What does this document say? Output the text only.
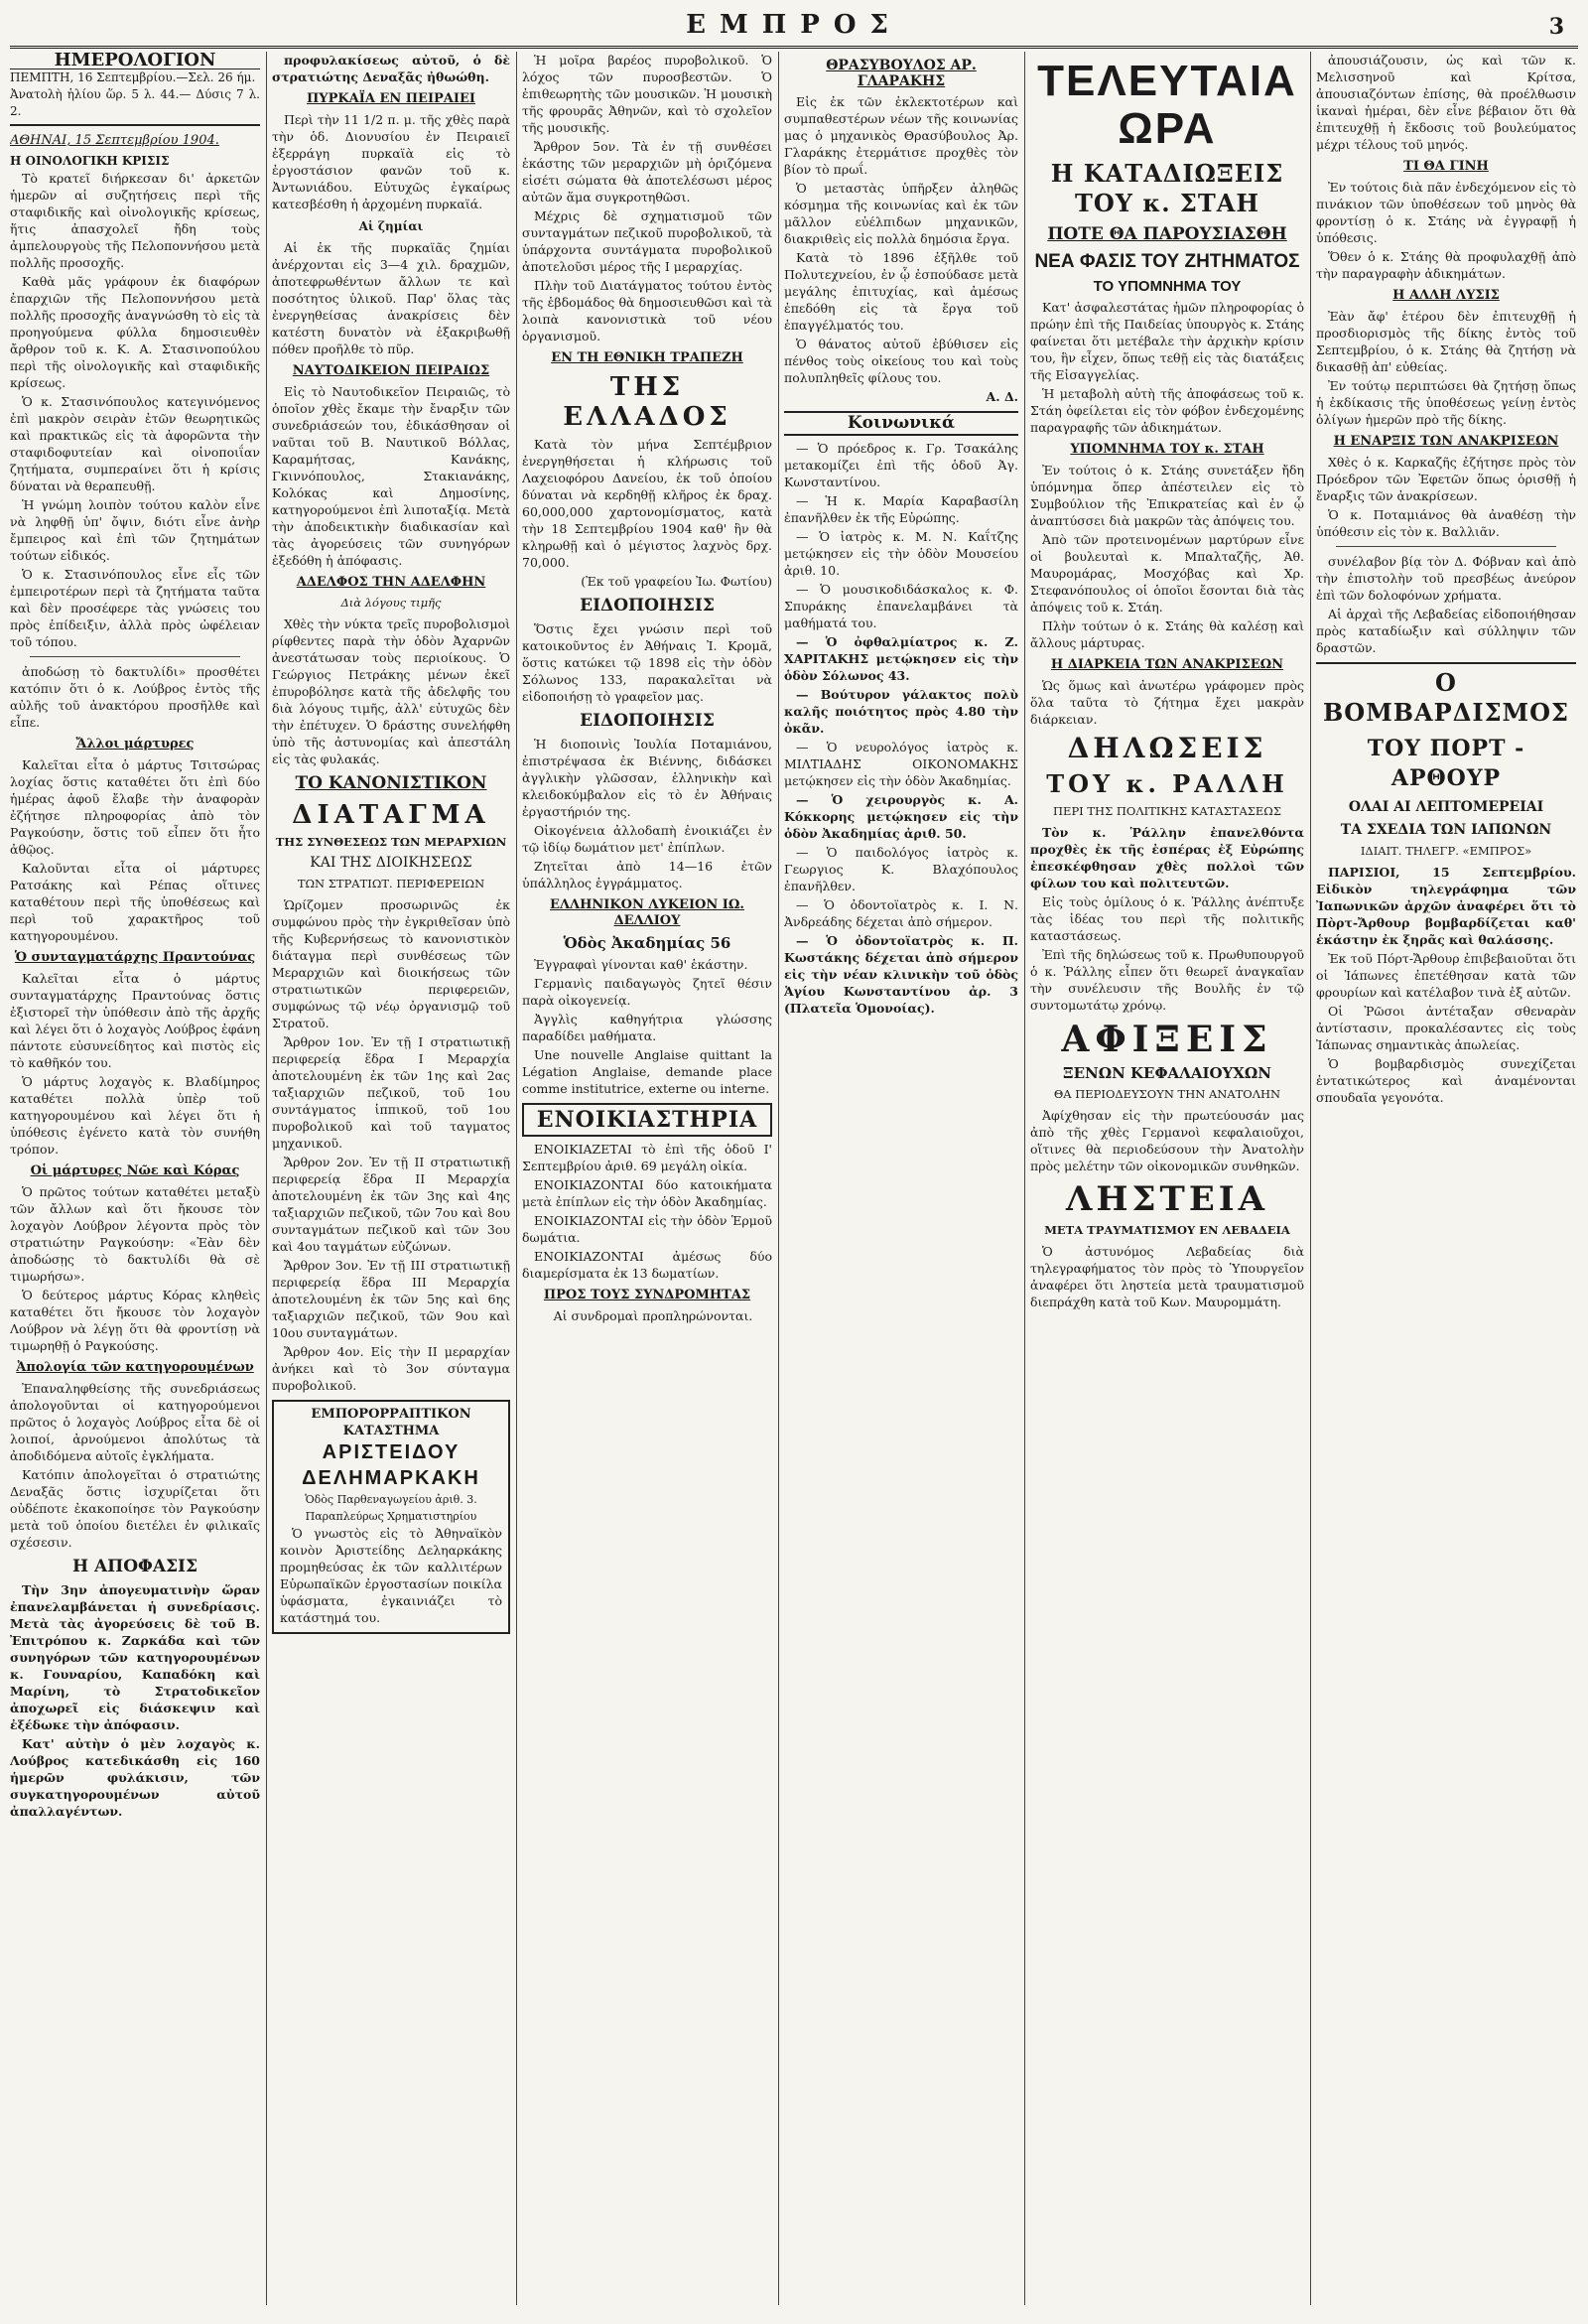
ΕΜΠΡΟΣ	3
ΗΜΕΡΟΛΟΓΙΟΝ
ΠΕΜΠΤΗ, 16 Σεπτεμβρίου.—Σελ. 26 ήμ.
Ἀνατολὴ ἡλίου ὥρ. 5 λ. 44.— Δύσις 7 λ. 2.
ΑΘΗΝΑΙ, 15 Σεπτεμβρίου 1904.
Η ΟΙΝΟΛΟΓΙΚΗ ΚΡΙΣΙΣ

Τὸ κρατεῖ διήρκεσαν δι' ἀρκετῶν ἡμερῶν αἱ συζητήσεις περὶ τῆς σταφιδικῆς καὶ οἰνολογικῆς κρίσεως, ἥτις ἀπασχολεῖ ἤδη τοὺς ἀμπελουργοὺς τῆς Πελοποννήσου μετὰ πολλῆς προσοχῆς.

Καθὰ μᾶς γράφουν ἐκ διαφόρων ἐπαρχιῶν τῆς Πελοποννήσου μετὰ πολλῆς προσοχῆς ἀναγνώσθη τὸ εἰς τὰ προηγούμενα φύλλα δημοσιευθὲν ἄρθρον τοῦ κ. Κ. Α. Στασινοπούλου περὶ τῆς οἰνολογικῆς καὶ σταφιδικῆς κρίσεως.

Ὁ κ. Στασινόπουλος κατεγινόμενος ἐπὶ μακρὸν σειρὰν ἐτῶν θεωρητικῶς καὶ πρακτικῶς εἰς τὰ ἀφορῶντα τὴν σταφιδοφυτείαν καὶ οἰνοποιΐαν ζητήματα, συμπεραίνει ὅτι ἡ κρίσις δύναται νὰ θεραπευθῇ.

Ἡ γνώμη λοιπὸν τούτου καλὸν εἶνε νὰ ληφθῇ ὑπ' ὄψιν, διότι εἶνε ἀνὴρ ἔμπειρος καὶ ἐπὶ τῶν ζητημάτων τούτων εἰδικός.

Ὁ κ. Στασινόπουλος εἶνε εἷς τῶν ἐμπειροτέρων περὶ τὰ ζητήματα ταῦτα καὶ δὲν προσέφερε τὰς γνώσεις του πρὸς ἐπίδειξιν, ἀλλὰ πρὸς ὠφέλειαν τοῦ τόπου.

ἀποδώσῃ τὸ δακτυλίδι» προσθέτει κατόπιν ὅτι ὁ κ. Λούβρος ἐντὸς τῆς αὐλῆς τοῦ ἀνακτόρου προσῆλθε καὶ εἶπε.

Ἄλλοι μάρτυρες

Καλεῖται εἶτα ὁ μάρτυς Τσιτσώρας λοχίας ὅστις καταθέτει ὅτι ἐπὶ δύο ἡμέρας ἀφοῦ ἔλαβε τὴν ἀναφορὰν ἐζήτησε πληροφορίας ἀπὸ τὸν Ραγκούσην, ὅστις τοῦ εἶπεν ὅτι ἦτο ἀθῷος.

Καλοῦνται εἶτα οἱ μάρτυρες Ρατσάκης καὶ Ρέπας οἵτινες καταθέτουν περὶ τῆς ὑποθέσεως καὶ περὶ τοῦ χαρακτῆρος τοῦ κατηγορουμένου.

Ὁ συνταγματάρχης Πραντούνας

Καλεῖται εἶτα ὁ μάρτυς συνταγματάρχης Πραντούνας ὅστις ἐξιστορεῖ τὴν ὑπόθεσιν ἀπὸ τῆς ἀρχῆς καὶ λέγει ὅτι ὁ λοχαγὸς Λούβρος ἐφάνη πάντοτε εὐσυνείδητος καὶ πιστὸς εἰς τὸ καθῆκόν του.

Ὁ μάρτυς λοχαγὸς κ. Βλαδίμηρος καταθέτει πολλὰ ὑπὲρ τοῦ κατηγορουμένου καὶ λέγει ὅτι ἡ ὑπόθεσις ἐγένετο κατὰ τὸν συνήθη τρόπον.

Οἱ μάρτυρες Νῶε καὶ Κόρας

Ὁ πρῶτος τούτων καταθέτει μεταξὺ τῶν ἄλλων καὶ ὅτι ἤκουσε τὸν λοχαγὸν Λούβρον λέγοντα πρὸς τὸν στρατιώτην Ραγκούσην: «Ἐὰν δὲν ἀποδώσῃς τὸ δακτυλίδι θὰ σὲ τιμωρήσω».

Ὁ δεύτερος μάρτυς Κόρας κληθεὶς καταθέτει ὅτι ἤκουσε τὸν λοχαγὸν Λούβρον νὰ λέγῃ ὅτι θὰ φροντίσῃ νὰ τιμωρηθῇ ὁ Ραγκούσης.

Ἀπολογία τῶν κατηγορουμένων

Ἐπαναληφθείσης τῆς συνεδριάσεως ἀπολογοῦνται οἱ κατηγορούμενοι πρῶτος ὁ λοχαγὸς Λούβρος εἶτα δὲ οἱ λοιποί, ἀρνούμενοι ἀπολύτως τὰ ἀποδιδόμενα αὐτοῖς ἐγκλήματα.

Κατόπιν ἀπολογεῖται ὁ στρατιώτης Δεναξᾶς ὅστις ἰσχυρίζεται ὅτι οὐδέποτε ἐκακοποίησε τὸν Ραγκούσην μετὰ τοῦ ὁποίου διετέλει ἐν φιλικαῖς σχέσεσιν.

Η ΑΠΟΦΑΣΙΣ

Τὴν 3ην ἀπογευματινὴν ὥραν ἐπανελαμβάνεται ἡ συνεδρίασις. Μετὰ τὰς ἀγορεύσεις δὲ τοῦ Β. Ἐπιτρόπου κ. Ζαρκάδα καὶ τῶν συνηγόρων τῶν κατηγορουμένων κ. Γουναρίου, Καπαδόκη καὶ Μαρίνη, τὸ Στρατοδικεῖον ἀποχωρεῖ εἰς διάσκεψιν καὶ ἐξέδωκε τὴν ἀπόφασιν.

Κατ' αὐτὴν ὁ μὲν λοχαγὸς κ. Λούβρος κατεδικάσθη εἰς 160 ἡμερῶν φυλάκισιν, τῶν συγκατηγορουμένων αὐτοῦ ἀπαλλαγέντων.

προφυλακίσεως αὐτοῦ, ὁ δὲ στρατιώτης Δεναξᾶς ἠθωώθη.

ΠΥΡΚΑΪΑ ΕΝ ΠΕΙΡΑΙΕΙ

Περὶ τὴν 11 1/2 π. μ. τῆς χθὲς παρὰ τὴν ὁδ. Διονυσίου ἐν Πειραιεῖ ἐξερράγη πυρκαϊὰ εἰς τὸ ἐργοστάσιον φανῶν τοῦ κ. Ἀντωνιάδου. Εὐτυχῶς ἐγκαίρως κατεσβέσθη ἡ ἀρχομένη πυρκαϊά.

Αἱ ζημίαι

Αἱ ἐκ τῆς πυρκαϊᾶς ζημίαι ἀνέρχονται εἰς 3—4 χιλ. δραχμῶν, ἀποτεφρωθέντων ἄλλων τε καὶ ποσότητος ὑλικοῦ. Παρ' ὅλας τὰς ἐνεργηθείσας ἀνακρίσεις δὲν κατέστη δυνατὸν νὰ ἐξακριβωθῇ πόθεν προῆλθε τὸ πῦρ.

ΝΑΥΤΟΔΙΚΕΙΟΝ ΠΕΙΡΑΙΩΣ

Εἰς τὸ Ναυτοδικεῖον Πειραιῶς, τὸ ὁποῖον χθὲς ἔκαμε τὴν ἔναρξιν τῶν συνεδριάσεών του, ἐδικάσθησαν οἱ ναῦται τοῦ Β. Ναυτικοῦ Βόλλας, Καραμήτσας, Κανάκης, Γκιννόπουλος, Στακιανάκης, Κολόκας καὶ Δημοσίνης, κατηγορούμενοι ἐπὶ λιποταξίᾳ. Μετὰ τὴν ἀποδεικτικὴν διαδικασίαν καὶ τὰς ἀγορεύσεις τῶν συνηγόρων ἐξεδόθη ἡ ἀπόφασις.

ΑΔΕΛΦΟΣ ΤΗΝ ΑΔΕΛΦΗΝ
Διὰ λόγους τιμῆς

Χθὲς τὴν νύκτα τρεῖς πυροβολισμοὶ ρίφθεντες παρὰ τὴν ὁδὸν Ἀχαρνῶν ἀνεστάτωσαν τοὺς περιοίκους. Ὁ Γεώργιος Πετράκης μένων ἐκεῖ ἐπυροβόλησε κατὰ τῆς ἀδελφῆς του διὰ λόγους τιμῆς, ἀλλ' εὐτυχῶς δὲν τὴν ἐπέτυχεν. Ὁ δράστης συνελήφθη ὑπὸ τῆς ἀστυνομίας καὶ ἀπεστάλη εἰς τὰς φυλακάς.

ΤΟ ΚΑΝΟΝΙΣΤΙΚΟΝ
ΔΙΑΤΑΓΜΑ
ΤΗΣ ΣΥΝΘΕΣΕΩΣ ΤΩΝ ΜΕΡΑΡΧΙΩΝ
ΚΑΙ ΤΗΣ ΔΙΟΙΚΗΣΕΩΣ
ΤΩΝ ΣΤΡΑΤΙΩΤ. ΠΕΡΙΦΕΡΕΙΩΝ

Ὡρίζομεν προσωρινῶς ἐκ συμφώνου πρὸς τὴν ἐγκριθεῖσαν ὑπὸ τῆς Κυβερνήσεως τὸ κανονιστικὸν διάταγμα περὶ συνθέσεως τῶν Μεραρχιῶν καὶ διοικήσεως τῶν στρατιωτικῶν περιφερειῶν, συμφώνως τῷ νέῳ ὀργανισμῷ τοῦ Στρατοῦ.

Ἄρθρον 1ον. Ἐν τῇ Ι στρατιωτικῇ περιφερείᾳ ἕδρα Ι Μεραρχία ἀποτελουμένη ἐκ τῶν 1ης καὶ 2ας ταξιαρχιῶν πεζικοῦ, τοῦ 1ου συντάγματος ἱππικοῦ, τοῦ 1ου πυροβολικοῦ καὶ τοῦ ταγματος μηχανικοῦ.

Ἄρθρον 2ον. Ἐν τῇ ΙΙ στρατιωτικῇ περιφερείᾳ ἕδρα ΙΙ Μεραρχία ἀποτελουμένη ἐκ τῶν 3ης καὶ 4ης ταξιαρχιῶν πεζικοῦ, τῶν 7ου καὶ 8ου συνταγμάτων πεζικοῦ καὶ τῶν 3ου καὶ 4ου ταγμάτων εὐζώνων.

Ἄρθρον 3ον. Ἐν τῇ ΙΙΙ στρατιωτικῇ περιφερείᾳ ἕδρα ΙΙΙ Μεραρχία ἀποτελουμένη ἐκ τῶν 5ης καὶ 6ης ταξιαρχιῶν πεζικοῦ, τῶν 9ου καὶ 10ου συνταγμάτων.

Ἄρθρον 4ον. Εἰς τὴν ΙΙ μεραρχίαν ἀνήκει καὶ τὸ 3ον σύνταγμα πυροβολικοῦ.

ΕΜΠΟΡΟΡΡΑΠΤΙΚΟΝ ΚΑΤΑΣΤΗΜΑ
ΑΡΙΣΤΕΙΔΟΥ ΔΕΛΗΜΑΡΚΑΚΗ
Ὁδὸς Παρθεναγωγείου ἀριθ. 3. Παραπλεύρως Χρηματιστηρίου

Ὁ γνωστὸς εἰς τὸ Ἀθηναϊκὸν κοινὸν Ἀριστείδης Δεληαρκάκης προμηθεύσας ἐκ τῶν καλλιτέρων Εὐρωπαϊκῶν ἐργοστασίων ποικίλα ὑφάσματα, ἐγκαινιάζει τὸ κατάστημά του.

Ἡ μοῖρα βαρέος πυροβολικοῦ. Ὁ λόχος τῶν πυροσβεστῶν. Ὁ ἐπιθεωρητὴς τῶν μουσικῶν. Ἡ μουσικὴ τῆς φρουρᾶς Ἀθηνῶν, καὶ τὸ σχολεῖον τῆς μουσικῆς.

Ἄρθρον 5ον. Τὰ ἐν τῇ συνθέσει ἑκάστης τῶν μεραρχιῶν μὴ ὁριζόμενα εἰσέτι σώματα θὰ ἀποτελέσωσι μέρος αὐτῶν ἅμα συγκροτηθῶσι.

Μέχρις δὲ σχηματισμοῦ τῶν συνταγμάτων πεζικοῦ πυροβολικοῦ, τὰ ὑπάρχοντα συντάγματα πυροβολικοῦ ἀποτελοῦσι μέρος τῆς Ι μεραρχίας.

Πλὴν τοῦ Διατάγματος τούτου ἐντὸς τῆς ἑβδομάδος θὰ δημοσιευθῶσι καὶ τὰ λοιπὰ κανονιστικὰ τοῦ νέου ὀργανισμοῦ.

ΕΝ ΤΗ ΕΘΝΙΚΗ ΤΡΑΠΕΖΗ
ΤΗΣ ΕΛΛΑΔΟΣ

Κατὰ τὸν μήνα Σεπτέμβριον ἐνεργηθήσεται ἡ κλήρωσις τοῦ Λαχειοφόρου Δανείου, ἐκ τοῦ ὁποίου δύναται νὰ κερδηθῇ κλῆρος ἐκ δραχ. 60,000,000 χαρτονομίσματος, κατὰ τὴν 18 Σεπτεμβρίου 1904 καθ' ἣν θὰ κληρωθῇ καὶ ὁ μέγιστος λαχνὸς δρχ. 70,000.

(Ἐκ τοῦ γραφείου Ἰω. Φωτίου)

ΕΙΔΟΠΟΙΗΣΙΣ

Ὅστις ἔχει γνώσιν περὶ τοῦ κατοικοῦντος ἐν Ἀθήναις Ἰ. Κρομᾶ, ὅστις κατώκει τῷ 1898 εἰς τὴν ὁδὸν Σόλωνος 133, παρακαλεῖται νὰ εἰδοποιήσῃ τὸ γραφεῖον μας.

ΕΙΔΟΠΟΙΗΣΙΣ

Ἡ διοποινὶς Ἰουλία Ποταμιάνου, ἐπιστρέψασα ἐκ Βιέννης, διδάσκει ἀγγλικὴν γλῶσσαν, ἑλληνικὴν καὶ κλειδοκύμβαλον εἰς τὸ ἐν Ἀθήναις ἐργαστήριόν της.

Οἰκογένεια ἀλλοδαπὴ ἐνοικιάζει ἐν τῷ ἰδίῳ δωμάτιον μετ' ἐπίπλων.

Ζητεῖται ἀπὸ 14—16 ἐτῶν ὑπάλληλος ἐγγράμματος.

ΕΛΛΗΝΙΚΟΝ ΛΥΚΕΙΟΝ ΙΩ. ΔΕΛΛΙΟΥ
Ὁδὸς Ἀκαδημίας 56

Ἐγγραφαὶ γίνονται καθ' ἑκάστην.

Γερμανὶς παιδαγωγὸς ζητεῖ θέσιν παρὰ οἰκογενείᾳ.

Ἀγγλὶς καθηγήτρια γλώσσης παραδίδει μαθήματα.

Une nouvelle Anglaise quittant la Légation Anglaise, demande place comme institutrice, externe ou interne.

ΕΝΟΙΚΙΑΣΤΗΡΙΑ

ΕΝΟΙΚΙΑΖΕΤΑΙ τὸ ἐπὶ τῆς ὁδοῦ Ι' Σεπτεμβρίου ἀριθ. 69 μεγάλη οἰκία.

ΕΝΟΙΚΙΑΖΟΝΤΑΙ δύο κατοικήματα μετὰ ἐπίπλων εἰς τὴν ὁδὸν Ἀκαδημίας.

ΕΝΟΙΚΙΑΖΟΝΤΑΙ εἰς τὴν ὁδὸν Ἑρμοῦ δωμάτια.

ΕΝΟΙΚΙΑΖΟΝΤΑΙ ἀμέσως δύο διαμερίσματα ἐκ 13 δωματίων.

ΠΡΟΣ ΤΟΥΣ ΣΥΝΔΡΟΜΗΤΑΣ

Αἱ συνδρομαὶ προπληρώνονται.

ΘΡΑΣΥΒΟΥΛΟΣ ΑΡ. ΓΛΑΡΑΚΗΣ

Εἰς ἐκ τῶν ἐκλεκτοτέρων καὶ συμπαθεστέρων νέων τῆς κοινωνίας μας ὁ μηχανικὸς Θρασύβουλος Ἀρ. Γλαράκης ἐτερμάτισε προχθὲς τὸν βίον τὸ πρωΐ.

Ὁ μεταστὰς ὑπῆρξεν ἀληθῶς κόσμημα τῆς κοινωνίας καὶ ἐκ τῶν μᾶλλον εὐέλπιδων μηχανικῶν, διακριθεὶς εἰς πολλὰ δημόσια ἔργα.

Κατὰ τὸ 1896 ἐξῆλθε τοῦ Πολυτεχνείου, ἐν ᾧ ἐσπούδασε μετὰ μεγάλης ἐπιτυχίας, καὶ ἀμέσως ἐπεδόθη εἰς τὰ ἔργα τοῦ ἐπαγγέλματός του.

Ὁ θάνατος αὐτοῦ ἐβύθισεν εἰς πένθος τοὺς οἰκείους του καὶ τοὺς πολυπληθεῖς φίλους του.

Α. Δ.

Κοινωνικά

— Ὁ πρόεδρος κ. Γρ. Τσακάλης μετακομίζει ἐπὶ τῆς ὁδοῦ Ἀγ. Κωνσταντίνου.

— Ἡ κ. Μαρία Καραβασίλη ἐπανῆλθεν ἐκ τῆς Εὐρώπης.

— Ὁ ἰατρὸς κ. Μ. Ν. Καΐτζης μετῴκησεν εἰς τὴν ὁδὸν Μουσείου ἀριθ. 10.

— Ὁ μουσικοδιδάσκαλος κ. Φ. Σπυράκης ἐπανελαμβάνει τὰ μαθήματά του.

— Ὁ ὀφθαλμίατρος κ. Ζ. ΧΑΡΙΤΑΚΗΣ μετῴκησεν εἰς τὴν ὁδὸν Σόλωνος 43.

— Βούτυρον γάλακτος πολὺ καλῆς ποιότητος πρὸς 4.80 τὴν ὀκᾶν.

— Ὁ νευρολόγος ἰατρὸς κ. ΜΙΛΤΙΑΔΗΣ ΟΙΚΟΝΟΜΑΚΗΣ μετῴκησεν εἰς τὴν ὁδὸν Ἀκαδημίας.

— Ὁ χειρουργὸς κ. Α. Κόκκορης μετῴκησεν εἰς τὴν ὁδὸν Ἀκαδημίας ἀριθ. 50.

— Ὁ παιδολόγος ἰατρὸς κ. Γεωργιος Κ. Βλαχόπουλος ἐπανῆλθεν.

— Ὁ ὀδοντοϊατρὸς κ. Ι. Ν. Ἀνδρεάδης δέχεται ἀπὸ σήμερον.

— Ὁ ὀδοντοϊατρὸς κ. Π. Κωστάκης δέχεται ἀπὸ σήμερον εἰς τὴν νέαν κλινικὴν τοῦ ὁδὸς Ἁγίου Κωνσταντίνου ἀρ. 3 (Πλατεῖα Ὁμονοίας).

ΤΕΛΕΥΤΑΙΑ ΩΡΑ
Η ΚΑΤΑΔΙΩΞΕΙΣ ΤΟΥ κ. ΣΤΑΗ
ΠΟΤΕ ΘΑ ΠΑΡΟΥΣΙΑΣΘΗ
ΝΕΑ ΦΑΣΙΣ ΤΟΥ ΖΗΤΗΜΑΤΟΣ
ΤΟ ΥΠΟΜΝΗΜΑ ΤΟΥ

Κατ' ἀσφαλεστάτας ἡμῶν πληροφορίας ὁ πρώην ἐπὶ τῆς Παιδείας ὑπουργὸς κ. Στάης φαίνεται ὅτι μετέβαλε τὴν ἀρχικὴν κρίσιν του, ἣν εἶχεν, ὅπως τεθῇ εἰς τὰς διατάξεις τῆς Εἰσαγγελίας.

Ἡ μεταβολὴ αὐτὴ τῆς ἀποφάσεως τοῦ κ. Στάη ὀφείλεται εἰς τὸν φόβον ἐνδεχομένης παραγραφῆς τῶν ἀδικημάτων.

ΥΠΟΜΝΗΜΑ ΤΟΥ κ. ΣΤΑΗ

Ἐν τούτοις ὁ κ. Στάης συνετάξεν ἤδη ὑπόμνημα ὅπερ ἀπέστειλεν εἰς τὸ Συμβούλιον τῆς Ἐπικρατείας καὶ ἐν ᾧ ἀναπτύσσει διὰ μακρῶν τὰς ἀπόψεις του.

Ἀπὸ τῶν προτεινομένων μαρτύρων εἶνε οἱ βουλευταὶ κ. Μπαλταζῆς, Ἀθ. Μαυρομάρας, Μοσχόβας καὶ Χρ. Στεφανόπουλος οἱ ὁποῖοι ἔσονται διὰ τὰς ἀπόψεις τοῦ κ. Στάη.

Πλὴν τούτων ὁ κ. Στάης θὰ καλέσῃ καὶ ἄλλους μάρτυρας.

Η ΔΙΑΡΚΕΙΑ ΤΩΝ ΑΝΑΚΡΙΣΕΩΝ

Ὡς ὅμως καὶ ἀνωτέρω γράφομεν πρὸς ὅλα ταῦτα τὸ ζήτημα ἔχει μακρὰν διάρκειαν.

ΔΗΛΩΣΕΙΣ
ΤΟΥ κ. ΡΑΛΛΗ
ΠΕΡΙ ΤΗΣ ΠΟΛΙΤΙΚΗΣ ΚΑΤΑΣΤΑΣΕΩΣ

Τὸν κ. Ῥάλλην ἐπανελθόντα προχθὲς ἐκ τῆς ἐσπέρας ἐξ Εὐρώπης ἐπεσκέφθησαν χθὲς πολλοὶ τῶν φίλων του καὶ πολιτευτῶν.

Εἰς τοὺς ὁμίλους ὁ κ. Ῥάλλης ἀνέπτυξε τὰς ἰδέας του περὶ τῆς πολιτικῆς καταστάσεως.

Ἐπὶ τῆς δηλώσεως τοῦ κ. Πρωθυπουργοῦ ὁ κ. Ῥάλλης εἶπεν ὅτι θεωρεῖ ἀναγκαῖαν τὴν συνέλευσιν τῆς Βουλῆς ἐν τῷ συντομωτάτῳ χρόνῳ.

ΑΦΙΞΕΙΣ
ΞΕΝΩΝ ΚΕΦΑΛΑΙΟΥΧΩΝ
ΘΑ ΠΕΡΙΟΔΕΥΣΟΥΝ ΤΗΝ ΑΝΑΤΟΛΗΝ

Ἀφίχθησαν εἰς τὴν πρωτεύουσάν μας ἀπὸ τῆς χθὲς Γερμανοὶ κεφαλαιοῦχοι, οἵτινες θὰ περιοδεύσουν τὴν Ἀνατολὴν πρὸς μελέτην τῶν οἰκονομικῶν συνθηκῶν.

ΛΗΣΤΕΙΑ
ΜΕΤΑ ΤΡΑΥΜΑΤΙΣΜΟΥ ΕΝ ΛΕΒΑΔΕΙΑ

Ὁ ἀστυνόμος Λεβαδείας διὰ τηλεγραφήματος τὸν πρὸς τὸ Ὑπουργεῖον ἀναφέρει ὅτι ληστεία μετὰ τραυματισμοῦ διεπράχθη κατὰ τοῦ Κων. Μαυρομμάτη.

ἀπουσιάζουσιν, ὡς καὶ τῶν κ. Μελισσηνοῦ καὶ Κρίτσα, ἀπουσιαζόντων ἐπίσης, θὰ προέλθωσιν ἱκαναὶ ἡμέραι, δὲν εἶνε βέβαιον ὅτι θὰ ἐπιτευχθῇ ἡ ἔκδοσις τοῦ βουλεύματος μέχρι τέλους τοῦ μηνός.

ΤΙ ΘΑ ΓΙΝΗ

Ἐν τούτοις διὰ πᾶν ἐνδεχόμενον εἰς τὸ πινάκιον τῶν ὑποθέσεων τοῦ μηνὸς θὰ φροντίσῃ ὁ κ. Στάης νὰ ἐγγραφῇ ἡ ὑπόθεσις.

Ὅθεν ὁ κ. Στάης θὰ προφυλαχθῇ ἀπὸ τὴν παραγραφὴν ἀδικημάτων.

Η ΑΛΛΗ ΛΥΣΙΣ

Ἐὰν ἄφ' ἑτέρου δὲν ἐπιτευχθῇ ἡ προσδιορισμὸς τῆς δίκης ἐντὸς τοῦ Σεπτεμβρίου, ὁ κ. Στάης θὰ ζητήσῃ νὰ δικασθῇ ἀπ' εὐθείας.

Ἐν τούτῳ περιπτώσει θὰ ζητήσῃ ὅπως ἡ ἐκδίκασις τῆς ὑποθέσεως γείνῃ ἐντὸς ὀλίγων ἡμερῶν πρὸ τῆς δίκης.

Η ΕΝΑΡΞΙΣ ΤΩΝ ΑΝΑΚΡΙΣΕΩΝ

Χθὲς ὁ κ. Καρκαζῆς ἐζήτησε πρὸς τὸν Πρόεδρον τῶν Ἐφετῶν ὅπως ὁρισθῇ ἡ ἔναρξις τῶν ἀνακρίσεων.

Ὁ κ. Ποταμιάνος θὰ ἀναθέσῃ τὴν ὑπόθεσιν εἰς τὸν κ. Βαλλιᾶν.

συνέλαβον βίᾳ τὸν Δ. Φόβναν καὶ ἀπὸ τὴν ἐπιστολὴν τοῦ πρεσβέως ἀνεύρον ἐπὶ τῶν δολοφόνων χρήματα.

Αἱ ἀρχαὶ τῆς Λεβαδείας εἰδοποιήθησαν πρὸς καταδίωξιν καὶ σύλληψιν τῶν δραστῶν.

Ο ΒΟΜΒΑΡΔΙΣΜΟΣ
ΤΟΥ ΠΟΡΤ - ΑΡΘΟΥΡ
ΟΛΑΙ ΑΙ ΛΕΠΤΟΜΕΡΕΙΑΙ
ΤΑ ΣΧΕΔΙΑ ΤΩΝ ΙΑΠΩΝΩΝ
ΙΔΙΑΙΤ. ΤΗΛΕΓΡ. «ΕΜΠΡΟΣ»

ΠΑΡΙΣΙΟΙ, 15 Σεπτεμβρίου. Εἰδικὸν τηλεγράφημα τῶν Ἰαπωνικῶν ἀρχῶν ἀναφέρει ὅτι τὸ Πὸρτ-Ἄρθουρ βομβαρδίζεται καθ' ἑκάστην ἐκ ξηρᾶς καὶ θαλάσσης.

Ἐκ τοῦ Πόρτ-Ἄρθουρ ἐπιβεβαιοῦται ὅτι οἱ Ἰάπωνες ἐπετέθησαν κατὰ τῶν φρουρίων καὶ κατέλαβον τινὰ ἐξ αὐτῶν.

Οἱ Ῥῶσοι ἀντέταξαν σθεναρὰν ἀντίστασιν, προκαλέσαντες εἰς τοὺς Ἰάπωνας σημαντικὰς ἀπωλείας.

Ὁ βομβαρδισμὸς συνεχίζεται ἐντατικώτερος καὶ ἀναμένονται σπουδαῖα γεγονότα.
